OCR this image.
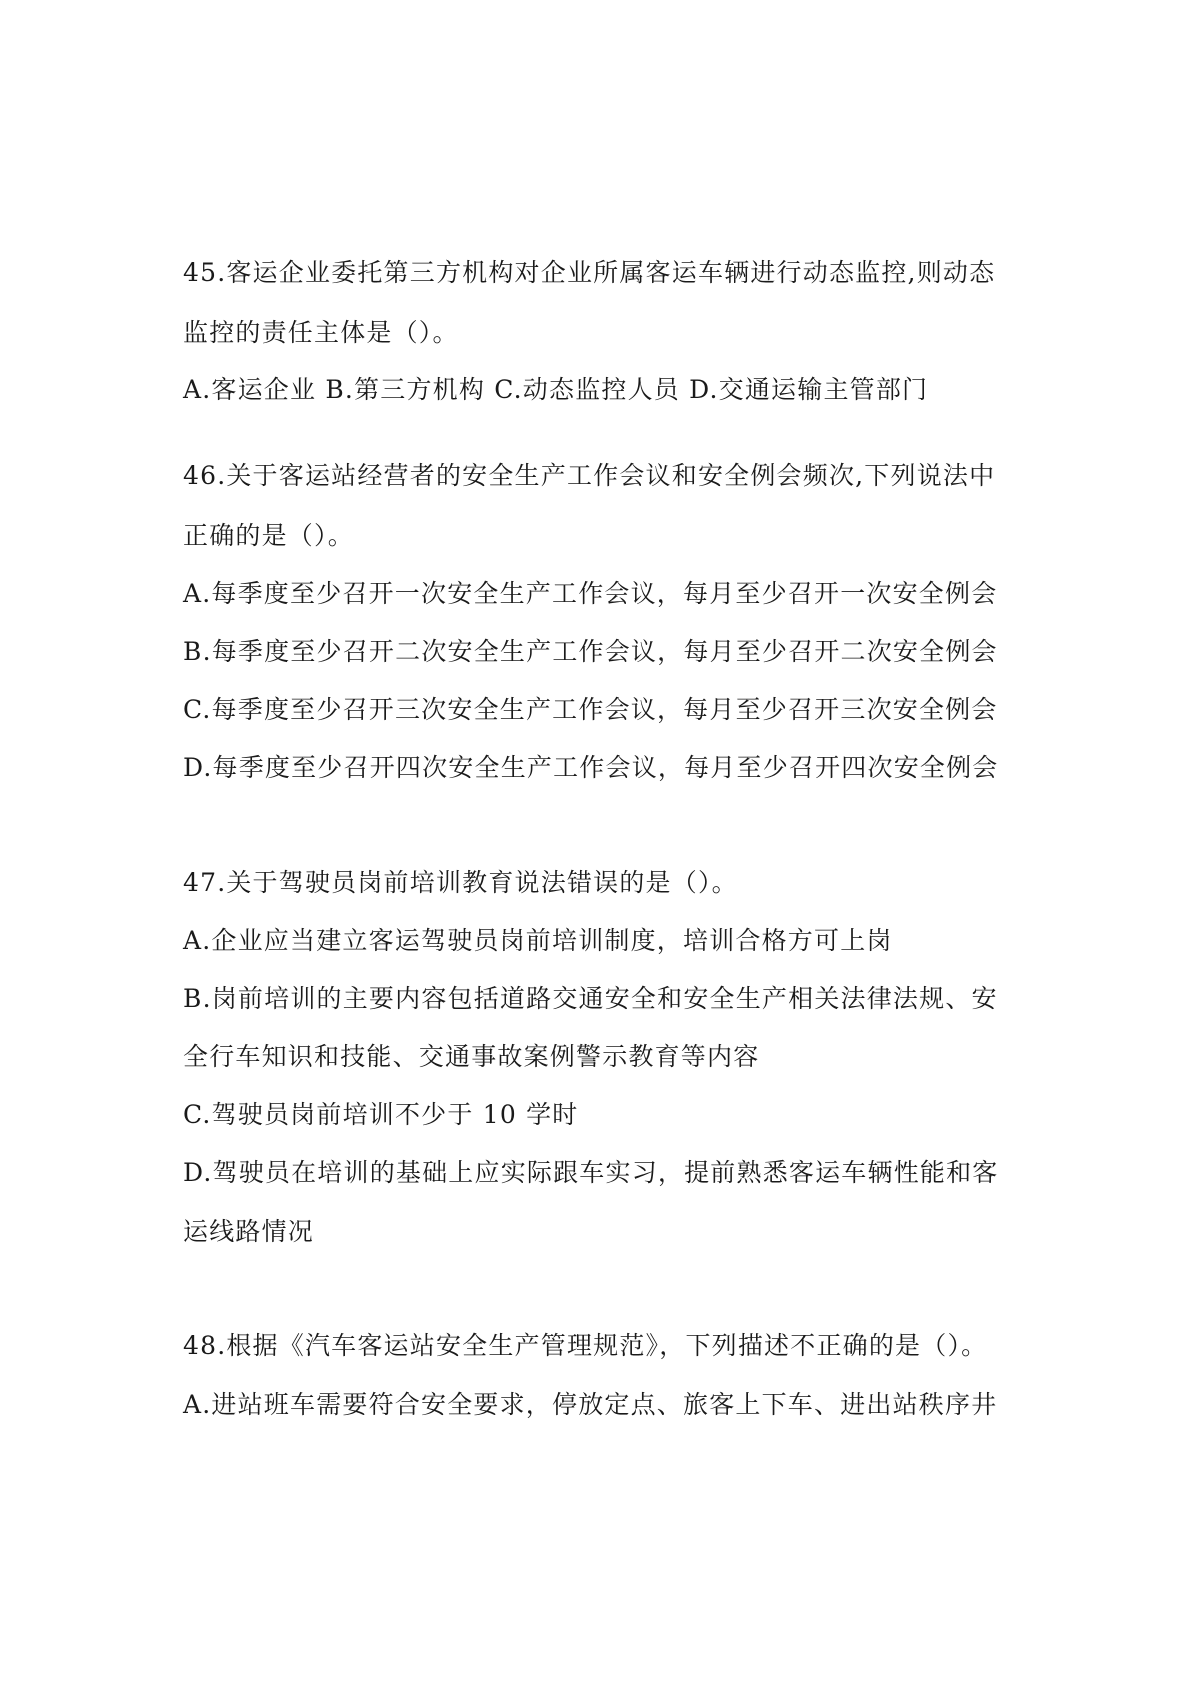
45.客运企业委托第三方机构对企业所属客运车辆进行动态监控,则动态
监控的责任主体是（）。
A.客运企业 B.第三方机构 C.动态监控人员 D.交通运输主管部门
46.关于客运站经营者的安全生产工作会议和安全例会频次,下列说法中
正确的是（）。
A.每季度至少召开一次安全生产工作会议，每月至少召开一次安全例会
B.每季度至少召开二次安全生产工作会议，每月至少召开二次安全例会
C.每季度至少召开三次安全生产工作会议，每月至少召开三次安全例会
D.每季度至少召开四次安全生产工作会议，每月至少召开四次安全例会
47.关于驾驶员岗前培训教育说法错误的是（）。
A.企业应当建立客运驾驶员岗前培训制度，培训合格方可上岗
B.岗前培训的主要内容包括道路交通安全和安全生产相关法律法规、安
全行车知识和技能、交通事故案例警示教育等内容
C.驾驶员岗前培训不少于 10 学时
D.驾驶员在培训的基础上应实际跟车实习，提前熟悉客运车辆性能和客
运线路情况
48.根据《汽车客运站安全生产管理规范》，下列描述不正确的是（）。
A.进站班车需要符合安全要求，停放定点、旅客上下车、进出站秩序井
